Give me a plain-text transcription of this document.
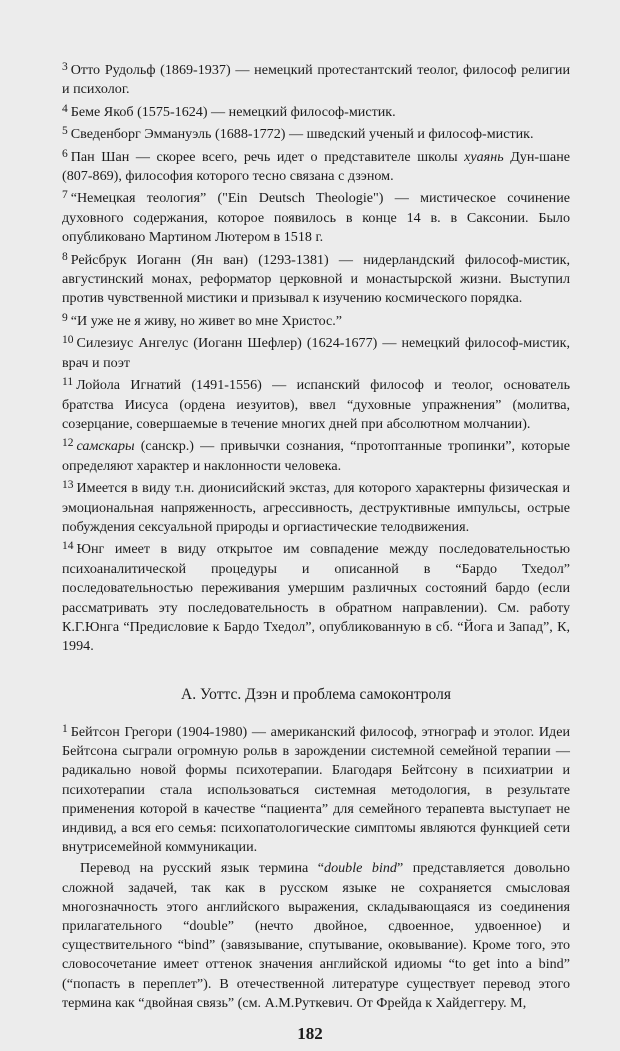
$^3$ Отто Рудольф (1869-1937) — немецкий протестантский теолог, философ религии и психолог.

$^4$ Беме Якоб (1575-1624) — немецкий философ-мистик.

$^5$ Сведенборг Эммануэль (1688-1772) — шведский ученый и философ-мистик.

$^6$ Пан Шан — скорее всего, речь идет о представителе школы хуаянь Дун-шане (807-869), философия которого тесно связана с дзэном.

$^7$ “Немецкая теология” ("Ein Deutsch Theologie") — мистическое сочинение духовного содержания, которое появилось в конце 14 в. в Саксонии. Было опубликовано Мартином Лютером в 1518 г.

$^8$ Рейсбрук Иоганн (Ян ван) (1293-1381) — нидерландский философ-мистик, августинский монах, реформатор церковной и монастырской жизни. Выступил против чувственной мистики и призывал к изучению космического порядка.

$^9$ “И уже не я живу, но живет во мне Христос.”

$^{10}$ Силезиус Ангелус (Иоганн Шефлер) (1624-1677) — немецкий философ-мистик, врач и поэт

$^{11}$ Лойола Игнатий (1491-1556) — испанский философ и теолог, основатель братства Иисуса (ордена иезуитов), ввел “духовные упражнения” (молитва, созерцание, совершаемые в течение многих дней при абсолютном молчании).

$^{12}$ самскары (санскр.) — привычки сознания, “протоптанные тропинки”, которые определяют характер и наклонности человека.

$^{13}$ Имеется в виду т.н. дионисийский экстаз, для которого характерны физическая и эмоциональная напряженность, агрессивность, деструктивные импульсы, острые побуждения сексуальной природы и оргиастические телодвижения.

$^{14}$ Юнг имеет в виду открытое им совпадение между последовательностью психоаналитической процедуры и описанной в “Бардо Тхедол” последовательностью переживания умершим различных состояний бардо (если рассматривать эту последовательность в обратном направлении). См. работу К.Г.Юнга “Предисловие к Бардо Тхедол”, опубликованную в сб. “Йога и Запад”, К, 1994.

А. Уоттс. Дзэн и проблема самоконтроля

$^1$ Бейтсон Грегори (1904-1980) — американский философ, этнограф и этолог. Идеи Бейтсона сыграли огромную рольв в зарождении системной семейной терапии — радикально новой формы психотерапии. Благодаря Бейтсону в психиатрии и психотерапии стала использоваться системная методология, в результате применения которой в качестве “пациента” для семейного терапевта выступает не индивид, а вся его семья: психопатологические симптомы являются функцией сети внутрисемейной коммуникации.

Перевод на русский язык термина “double bind” представляется довольно сложной задачей, так как в русском языке не сохраняется смысловая многозначность этого английского выражения, складывающаяся из соединения прилагательного “double” (нечто двойное, сдвоенное, удвоенное) и существительного “bind” (завязывание, спутывание, оковывание). Кроме того, это словосочетание имеет оттенок значения английской идиомы “to get into a bind” (“попасть в переплет”). В отечественной литературе существует перевод этого термина как “двойная связь” (см. А.М.Руткевич. От Фрейда к Хайдеггеру. М,

182
